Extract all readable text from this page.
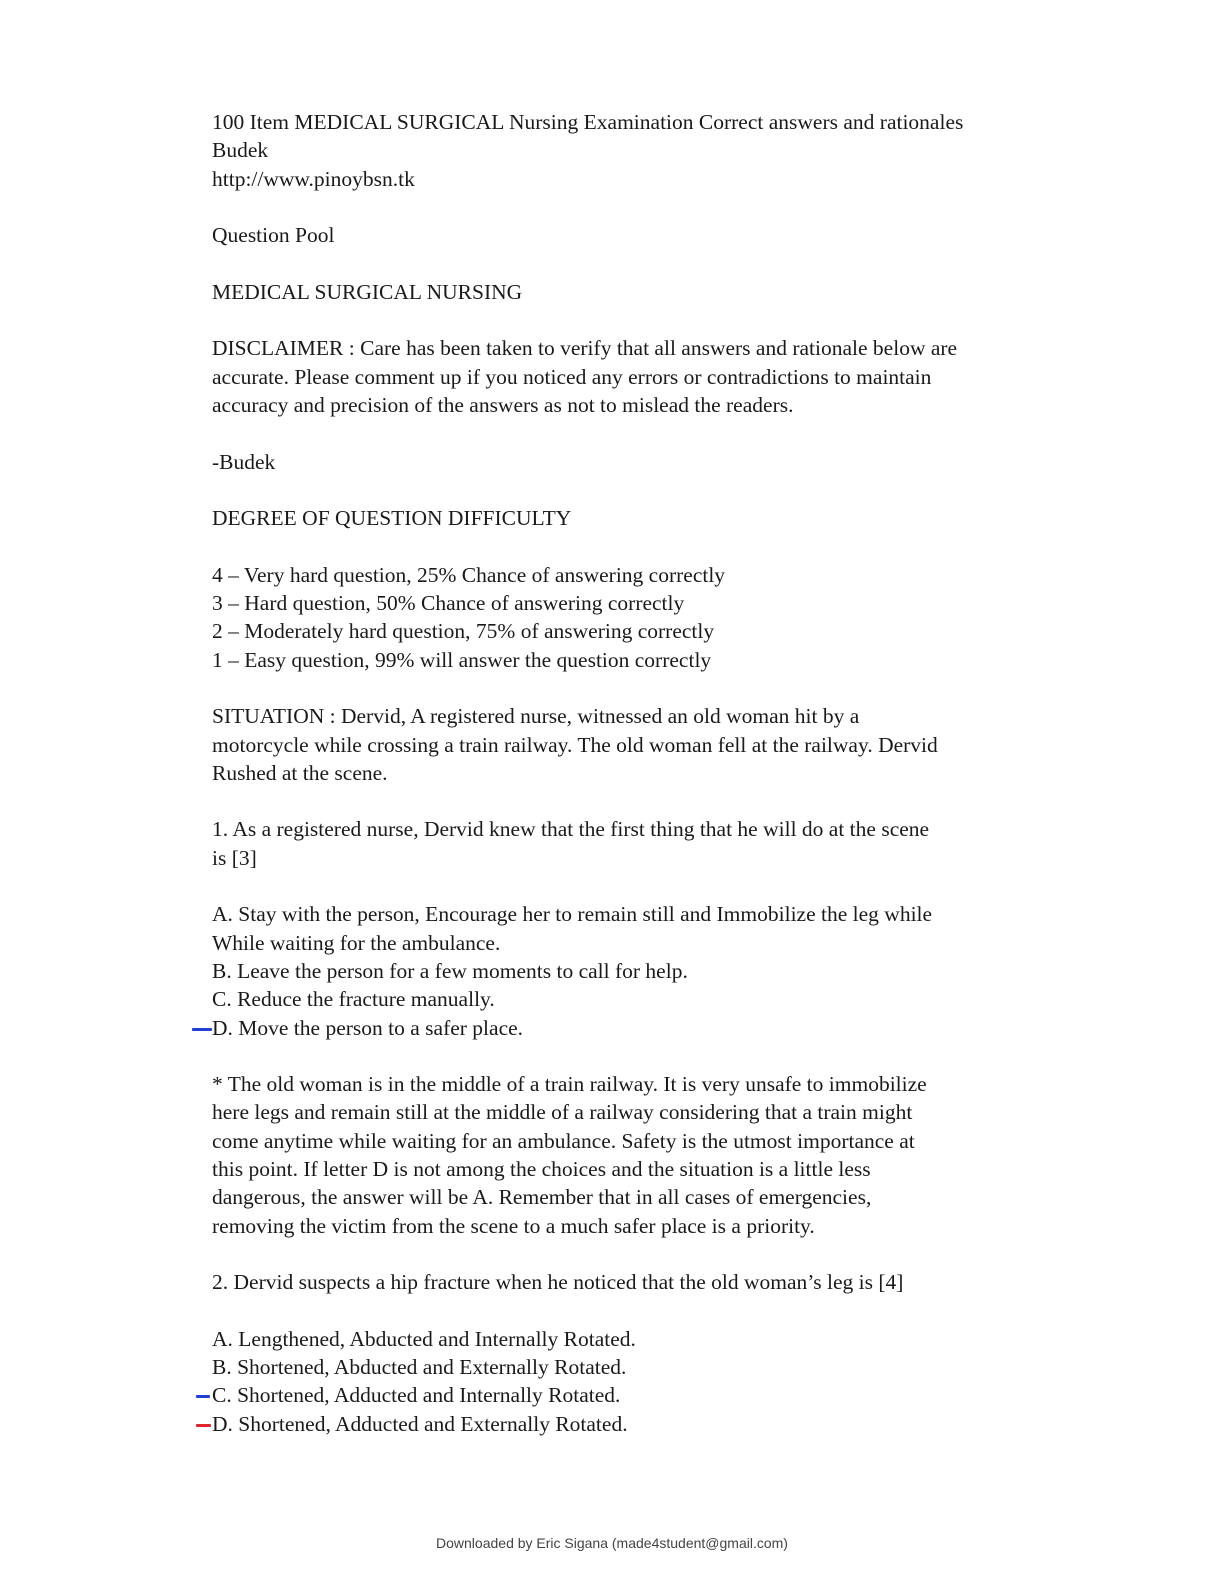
100 Item MEDICAL SURGICAL Nursing Examination Correct answers and rationales
Budek
http://www.pinoybsn.tk
Question Pool
MEDICAL SURGICAL NURSING
DISCLAIMER : Care has been taken to verify that all answers and rationale below are
accurate. Please comment up if you noticed any errors or contradictions to maintain
accuracy and precision of the answers as not to mislead the readers.
-Budek
DEGREE OF QUESTION DIFFICULTY
4 – Very hard question, 25% Chance of answering correctly
3 – Hard question, 50% Chance of answering correctly
2 – Moderately hard question, 75% of answering correctly
1 – Easy question, 99% will answer the question correctly
SITUATION : Dervid, A registered nurse, witnessed an old woman hit by a
motorcycle while crossing a train railway. The old woman fell at the railway. Dervid
Rushed at the scene.
1. As a registered nurse, Dervid knew that the first thing that he will do at the scene
is [3]
A. Stay with the person, Encourage her to remain still and Immobilize the leg while
While waiting for the ambulance.
B. Leave the person for a few moments to call for help.
C. Reduce the fracture manually.
D. Move the person to a safer place.
* The old woman is in the middle of a train railway. It is very unsafe to immobilize
here legs and remain still at the middle of a railway considering that a train might
come anytime while waiting for an ambulance. Safety is the utmost importance at
this point. If letter D is not among the choices and the situation is a little less
dangerous, the answer will be A. Remember that in all cases of emergencies,
removing the victim from the scene to a much safer place is a priority.
2. Dervid suspects a hip fracture when he noticed that the old woman’s leg is [4]
A. Lengthened, Abducted and Internally Rotated.
B. Shortened, Abducted and Externally Rotated.
C. Shortened, Adducted and Internally Rotated.
D. Shortened, Adducted and Externally Rotated.
Downloaded by Eric Sigana (made4student@gmail.com)
